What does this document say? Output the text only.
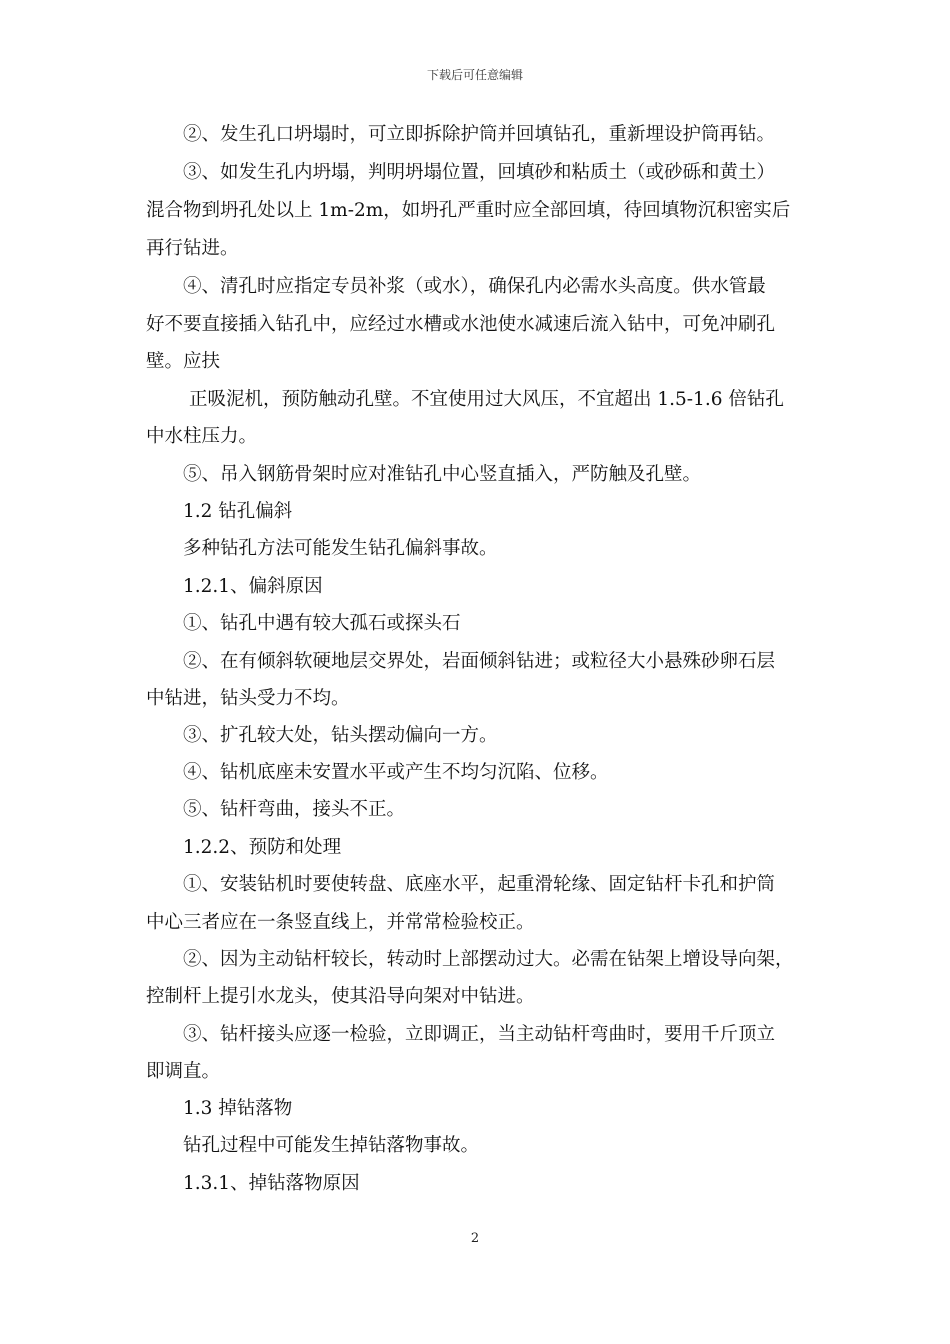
下载后可任意编辑
②、发生孔口坍塌时，可立即拆除护筒并回填钻孔，重新埋设护筒再钻。
③、如发生孔内坍塌，判明坍塌位置，回填砂和粘质土（或砂砾和黄土）
混合物到坍孔处以上 1m-2m，如坍孔严重时应全部回填，待回填物沉积密实后
再行钻进。
④、清孔时应指定专员补浆（或水），确保孔内必需水头高度。供水管最
好不要直接插入钻孔中，应经过水槽或水池使水减速后流入钻中，可免冲刷孔
壁。应扶
正吸泥机，预防触动孔壁。不宜使用过大风压，不宜超出 1.5-1.6 倍钻孔
中水柱压力。
⑤、吊入钢筋骨架时应对准钻孔中心竖直插入，严防触及孔壁。
1.2 钻孔偏斜
多种钻孔方法可能发生钻孔偏斜事故。
1.2.1、偏斜原因
①、钻孔中遇有较大孤石或探头石
②、在有倾斜软硬地层交界处，岩面倾斜钻进；或粒径大小悬殊砂卵石层
中钻进，钻头受力不均。
③、扩孔较大处，钻头摆动偏向一方。
④、钻机底座未安置水平或产生不均匀沉陷、位移。
⑤、钻杆弯曲，接头不正。
1.2.2、预防和处理
①、安装钻机时要使转盘、底座水平，起重滑轮缘、固定钻杆卡孔和护筒
中心三者应在一条竖直线上，并常常检验校正。
②、因为主动钻杆较长，转动时上部摆动过大。必需在钻架上增设导向架，
控制杆上提引水龙头，使其沿导向架对中钻进。
③、钻杆接头应逐一检验，立即调正，当主动钻杆弯曲时，要用千斤顶立
即调直。
1.3 掉钻落物
钻孔过程中可能发生掉钻落物事故。
1.3.1、掉钻落物原因
2
